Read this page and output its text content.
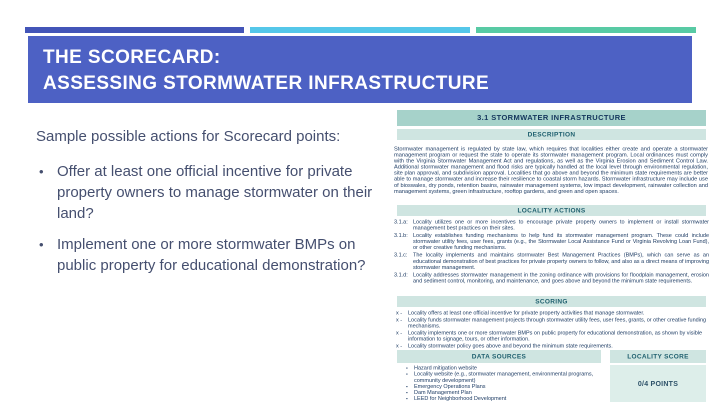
THE SCORECARD:
ASSESSING STORMWATER INFRASTRUCTURE
Sample possible actions for Scorecard points:
• Offer at least one official incentive for private property owners to manage stormwater on their land?
• Implement one or more stormwater BMPs on public property for educational demonstration?
3.1 STORMWATER INFRASTRUCTURE
DESCRIPTION
Stormwater management is regulated by state law, which requires that localities either create and operate a stormwater management program or request the state to operate its stormwater management program. Local ordinances must comply with the Virginia Stormwater Management Act and regulations, as well as the Virginia Erosion and Sediment Control Law. Additional stormwater management and flood risks are typically handled at the local level through environmental regulation, site plan approval, and subdivision approval. Localities that go above and beyond the minimum state requirements are better able to manage stormwater and increase their resilience to coastal storm hazards. Stormwater infrastructure may include use of bioswales, dry ponds, retention basins, rainwater management systems, low impact development, rainwater collection and management systems, green infrastructure, rooftop gardens, and green and open spaces.
LOCALITY ACTIONS
3.1.a: Locality utilizes one or more incentives to encourage private property owners to implement or install stormwater management best practices on their sites.
3.1.b: Locality establishes funding mechanisms to help fund its stormwater management program. These could include stormwater utility fees, user fees, grants (e.g., the Stormwater Local Assistance Fund or Virginia Revolving Loan Fund), or other creative funding mechanisms.
3.1.c: The locality implements and maintains stormwater Best Management Practices (BMPs), which can serve as an educational demonstration of best practices for private property owners to follow, and also as a direct means of improving stormwater management.
3.1.d: Locality addresses stormwater management in the zoning ordinance with provisions for floodplain management, erosion and sediment control, monitoring, and maintenance, and goes above and beyond the minimum state requirements.
SCORING
x - Locality offers at least one official incentive for private property activities that manage stormwater.
x - Locality funds stormwater management projects through stormwater utility fees, user fees, grants, or other creative funding mechanisms.
x - Locality implements one or more stormwater BMPs on public property for educational demonstration, as shown by visible information to signage, tours, or other information.
x - Locality stormwater policy goes above and beyond the minimum state requirements.
DATA SOURCES	LOCALITY SCORE
▪ Hazard mitigation website
▪ Locality website (e.g., stormwater management, environmental programs, community development)
▪ Emergency Operations Plans
▪ Dam Management Plan
▪ LEED for Neighborhood Development
0/4 POINTS
